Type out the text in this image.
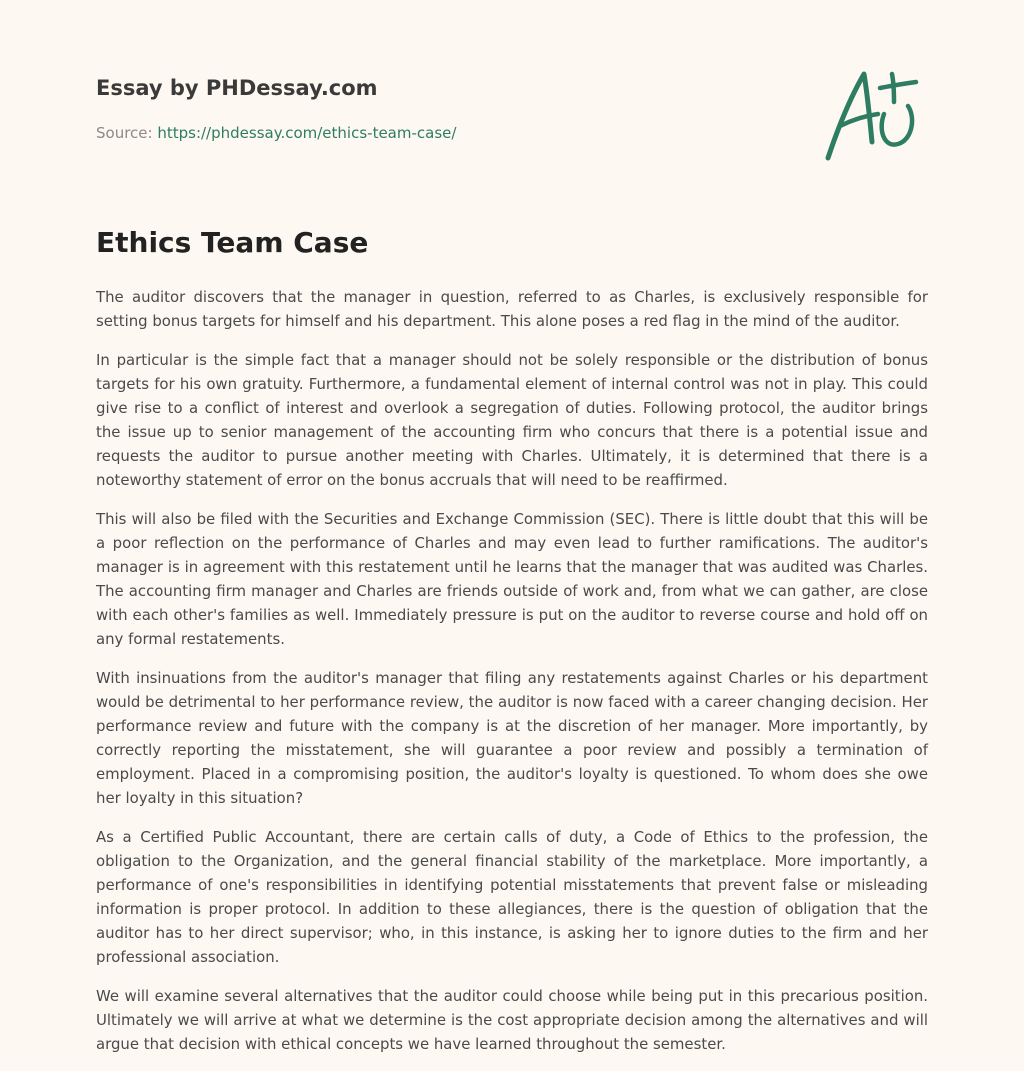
Essay by PHDessay.com
Source: https://phdessay.com/ethics-team-case/
Ethics Team Case

The auditor discovers that the manager in question, referred to as Charles, is exclusively responsible for setting bonus targets for himself and his department. This alone poses a red flag in the mind of the auditor.

In particular is the simple fact that a manager should not be solely responsible or the distribution of bonus targets for his own gratuity. Furthermore, a fundamental element of internal control was not in play. This could give rise to a conflict of interest and overlook a segregation of duties. Following protocol, the auditor brings the issue up to senior management of the accounting firm who concurs that there is a potential issue and requests the auditor to pursue another meeting with Charles. Ultimately, it is determined that there is a noteworthy statement of error on the bonus accruals that will need to be reaffirmed.

This will also be filed with the Securities and Exchange Commission (SEC). There is little doubt that this will be a poor reflection on the performance of Charles and may even lead to further ramifications. The auditor's manager is in agreement with this restatement until he learns that the manager that was audited was Charles. The accounting firm manager and Charles are friends outside of work and, from what we can gather, are close with each other's families as well. Immediately pressure is put on the auditor to reverse course and hold off on any formal restatements.

With insinuations from the auditor's manager that filing any restatements against Charles or his department would be detrimental to her performance review, the auditor is now faced with a career changing decision. Her performance review and future with the company is at the discretion of her manager. More importantly, by correctly reporting the misstatement, she will guarantee a poor review and possibly a termination of employment. Placed in a compromising position, the auditor's loyalty is questioned. To whom does she owe her loyalty in this situation?

As a Certified Public Accountant, there are certain calls of duty, a Code of Ethics to the profession, the obligation to the Organization, and the general financial stability of the marketplace. More importantly, a performance of one's responsibilities in identifying potential misstatements that prevent false or misleading information is proper protocol. In addition to these allegiances, there is the question of obligation that the auditor has to her direct supervisor; who, in this instance, is asking her to ignore duties to the firm and her professional association.

We will examine several alternatives that the auditor could choose while being put in this precarious position. Ultimately we will arrive at what we determine is the cost appropriate decision among the alternatives and will argue that decision with ethical concepts we have learned throughout the semester.
